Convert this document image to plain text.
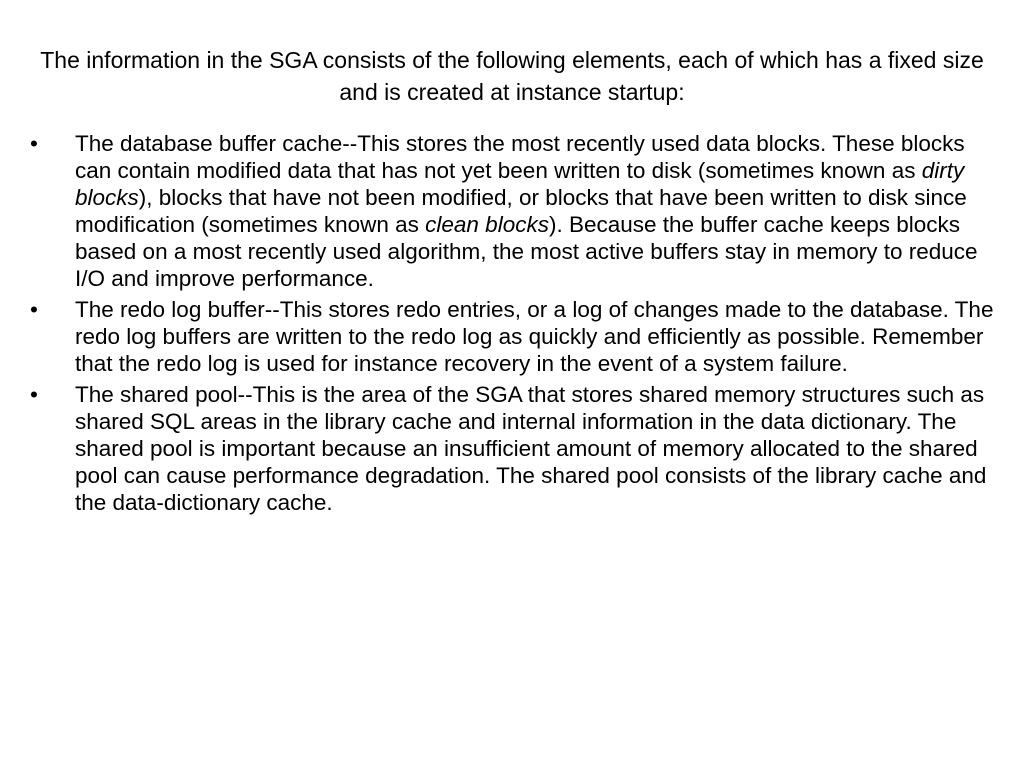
The information in the SGA consists of the following elements, each of which has a fixed size and is created at instance startup:
•	The database buffer cache--This stores the most recently used data blocks. These blocks can contain modified data that has not yet been written to disk (sometimes known as dirty blocks), blocks that have not been modified, or blocks that have been written to disk since modification (sometimes known as clean blocks). Because the buffer cache keeps blocks based on a most recently used algorithm, the most active buffers stay in memory to reduce I/O and improve performance.
•	The redo log buffer--This stores redo entries, or a log of changes made to the database. The redo log buffers are written to the redo log as quickly and efficiently as possible. Remember that the redo log is used for instance recovery in the event of a system failure.
•	The shared pool--This is the area of the SGA that stores shared memory structures such as shared SQL areas in the library cache and internal information in the data dictionary. The shared pool is important because an insufficient amount of memory allocated to the shared pool can cause performance degradation. The shared pool consists of the library cache and the data-dictionary cache.
